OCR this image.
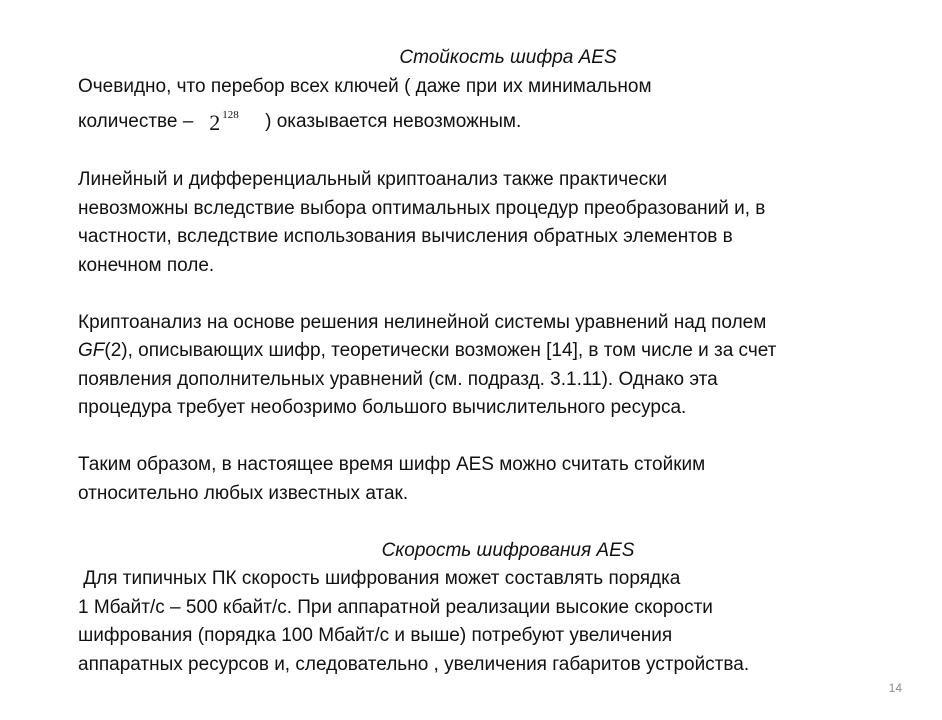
Стойкость шифра AES

Очевидно, что перебор всех ключей ( даже при их минимальном

количестве – 2 $^{128}$ ) оказывается невозможным.

Линейный и дифференциальный криптоанализ также практически

невозможны вследствие выбора оптимальных процедур преобразований и, в

частности, вследствие использования вычисления обратных элементов в

конечном поле.

Криптоанализ на основе решения нелинейной системы уравнений над полем

GF(2), описывающих шифр, теоретически возможен [14], в том числе и за счет

появления дополнительных уравнений (см. подразд. 3.1.11). Однако эта

процедура требует необозримо большого вычислительного ресурса.

Таким образом, в настоящее время шифр AES можно считать стойким

относительно любых известных атак.

Скорость шифрования AES

Для типичных ПК скорость шифрования может составлять порядка

1 Мбайт/с – 500 кбайт/с. При аппаратной реализации высокие скорости

шифрования (порядка 100 Мбайт/с и выше) потребуют увеличения

аппаратных ресурсов и, следовательно , увеличения габаритов устройства.

14
